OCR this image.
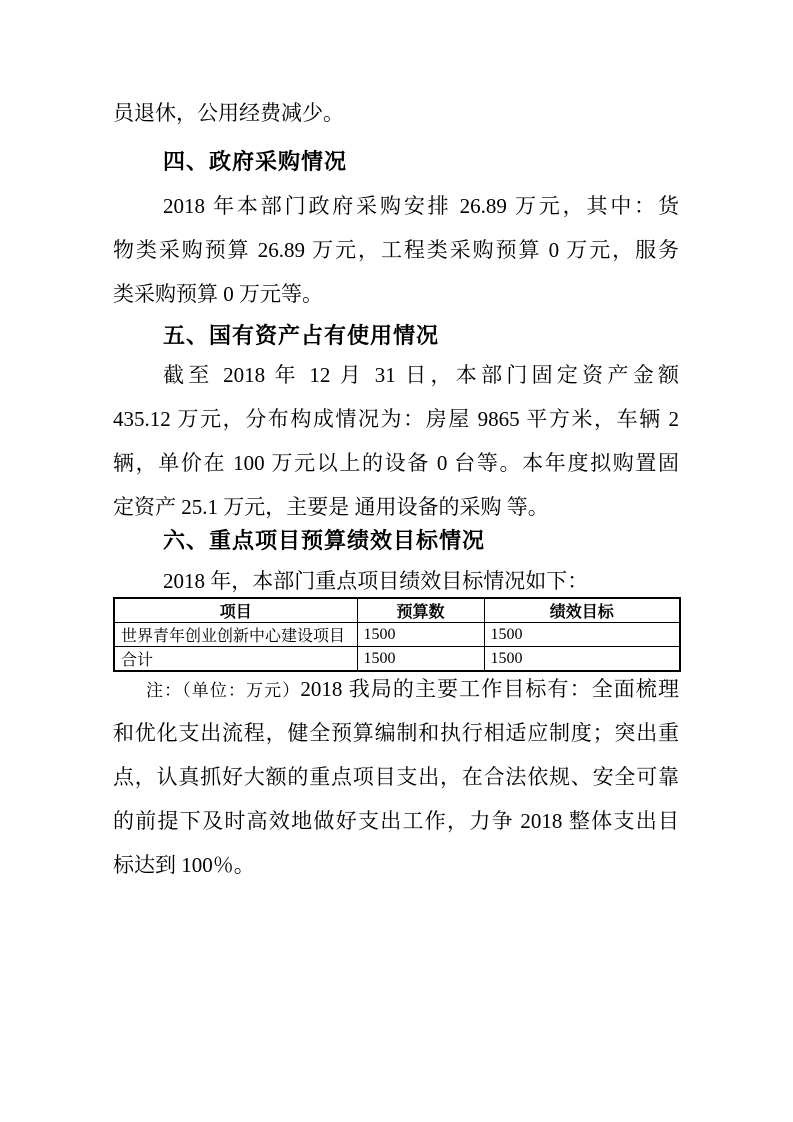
员退休，公用经费减少。
四、政府采购情况
2018 年本部门政府采购安排 26.89 万元，其中：货
物类采购预算 26.89 万元，工程类采购预算 0 万元，服务
类采购预算 0 万元等。
五、国有资产占有使用情况
截至 2018 年 12 月 31 日，本部门固定资产金额
435.12 万元，分布构成情况为：房屋 9865 平方米，车辆 2
辆，单价在 100 万元以上的设备 0 台等。本年度拟购置固
定资产 25.1 万元，主要是 通用设备的采购 等。
六、重点项目预算绩效目标情况
2018 年，本部门重点项目绩效目标情况如下：
项目	预算数	绩效目标
世界青年创业创新中心建设项目	1500	1500
合计	1500	1500
注：（单位：万元）2018 我局的主要工作目标有：全面梳理
和优化支出流程，健全预算编制和执行相适应制度；突出重
点，认真抓好大额的重点项目支出，在合法依规、安全可靠
的前提下及时高效地做好支出工作，力争 2018 整体支出目
标达到 100％。
